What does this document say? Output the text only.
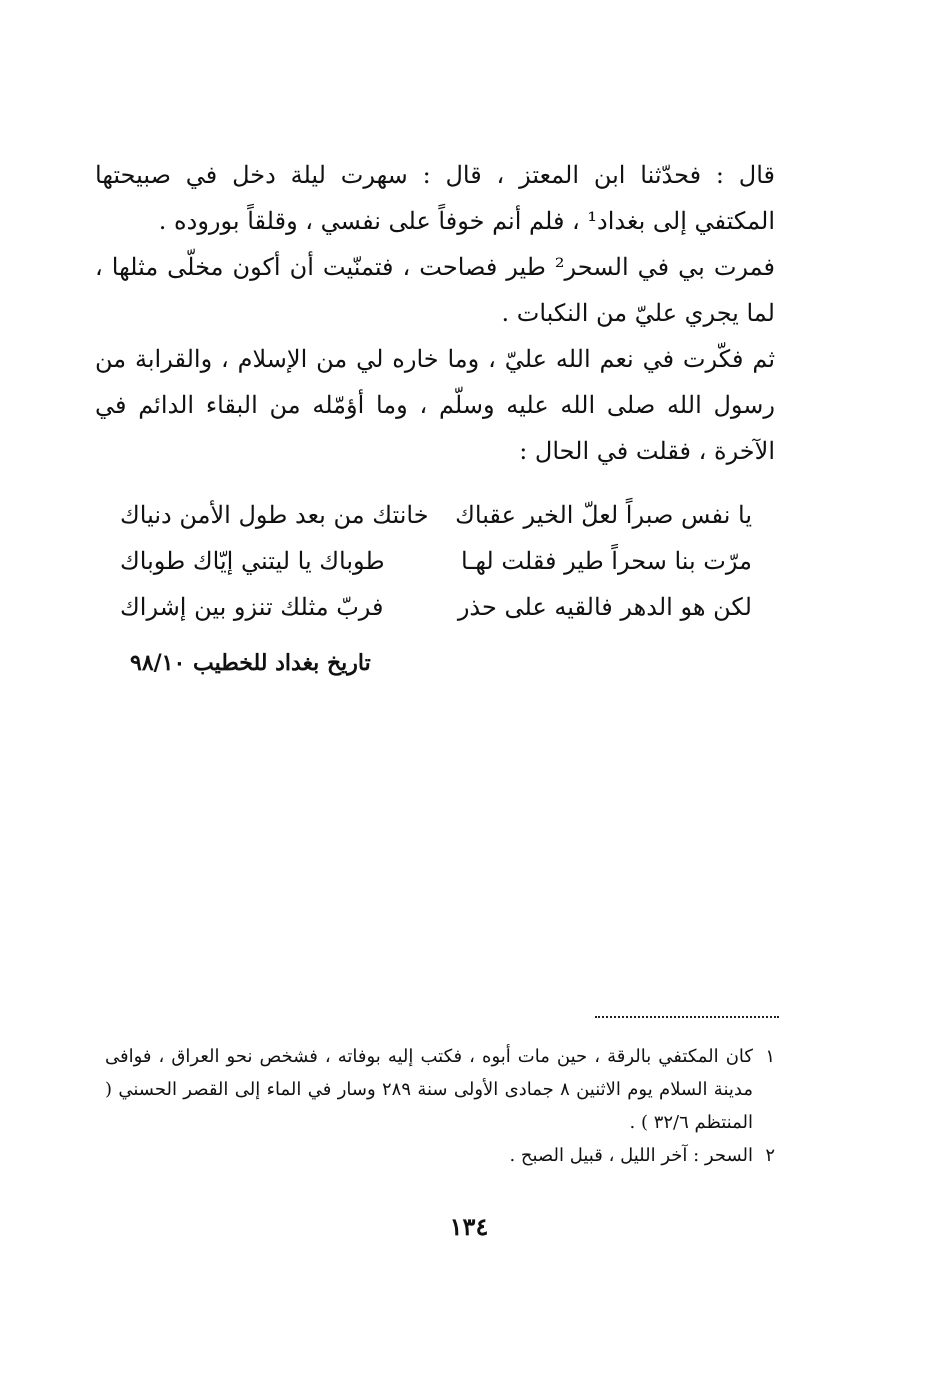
قال : فحدّثنا ابن المعتز ، قال : سهرت ليلة دخل في صبيحتها المكتفي إلى بغداد¹ ، فلم أنم خوفاً على نفسي ، وقلقاً بوروده .

فمرت بي في السحر² طير فصاحت ، فتمنّيت أن أكون مخلّى مثلها ، لما يجري عليّ من النكبات .

ثم فكّرت في نعم الله عليّ ، وما خاره لي من الإسلام ، والقرابة من رسول الله صلى الله عليه وسلّم ، وما أؤمّله من البقاء الدائم في الآخرة ، فقلت في الحال :

يا نفس صبراً لعلّ الخير عقباك
خانتك من بعد طول الأمن دنياك
مرّت بنا سحراً طير فقلت لهـا
طوباك يا ليتني إيّاك طوباك
لكن هو الدهر فالقيه على حذر
فربّ مثلك تنزو بين إشراك
تاريخ بغداد للخطيب ٩٨/١٠
١
كان المكتفي بالرقة ، حين مات أبوه ، فكتب إليه بوفاته ، فشخص نحو العراق ، فوافى مدينة السلام يوم الاثنين ٨ جمادى الأولى سنة ٢٨٩ وسار في الماء إلى القصر الحسني ( المنتظم ٣٢/٦ ) .
٢
السحر : آخر الليل ، قبيل الصبح .
١٣٤
